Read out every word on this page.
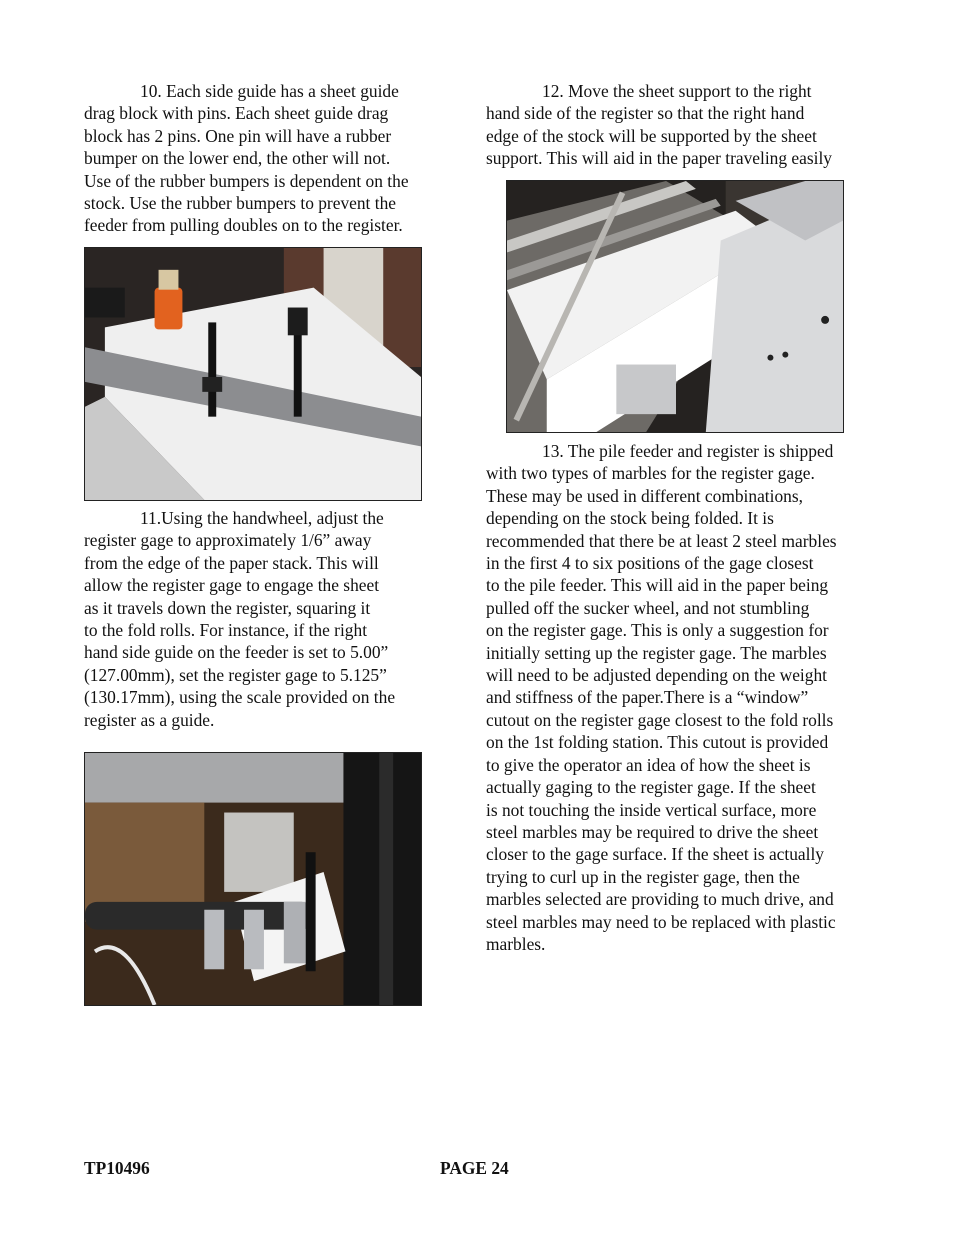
10. Each side guide has a sheet guide
drag block with pins. Each sheet guide drag
block has 2 pins. One pin will have a rubber
bumper on the lower end, the other will not.
Use of the rubber bumpers is dependent on the
stock. Use the rubber bumpers to prevent the
feeder from pulling doubles on to the register.
11.Using the handwheel, adjust the
register gage to approximately 1/6” away
from the edge of the paper stack. This will
allow the register gage to engage the sheet
as it travels down the register, squaring it
to the fold rolls. For instance, if the right
hand side guide on the feeder is set to 5.00”
(127.00mm), set the register gage to 5.125”
(130.17mm), using the scale provided on the
register as a guide.
12. Move the sheet support to the right
hand side of the register so that the right hand
edge of the stock will be supported by the sheet
support. This will aid in the paper traveling easily
13. The pile feeder and register is shipped
with two types of marbles for the register gage.
These may be used in different combinations,
depending on the stock being folded. It is
recommended that there be at least 2 steel marbles
in the first 4 to six positions of the gage closest
to the pile feeder. This will aid in the paper being
pulled off the sucker wheel, and not stumbling
on the register gage. This is only a suggestion for
initially setting up the register gage. The marbles
will need to be adjusted depending on the weight
and stiffness of the paper.There is a “window”
cutout on the register gage closest to the fold rolls
on the 1st folding station. This cutout is provided
to give the operator an idea of how the sheet is
actually gaging to the register gage. If the sheet
is not touching the inside vertical surface, more
steel marbles may be required to drive the sheet
closer to the gage surface. If the sheet is actually
trying to curl up in the register gage, then the
marbles selected are providing to much drive, and
steel marbles may need to be replaced with plastic
marbles.
TP10496	PAGE 24
